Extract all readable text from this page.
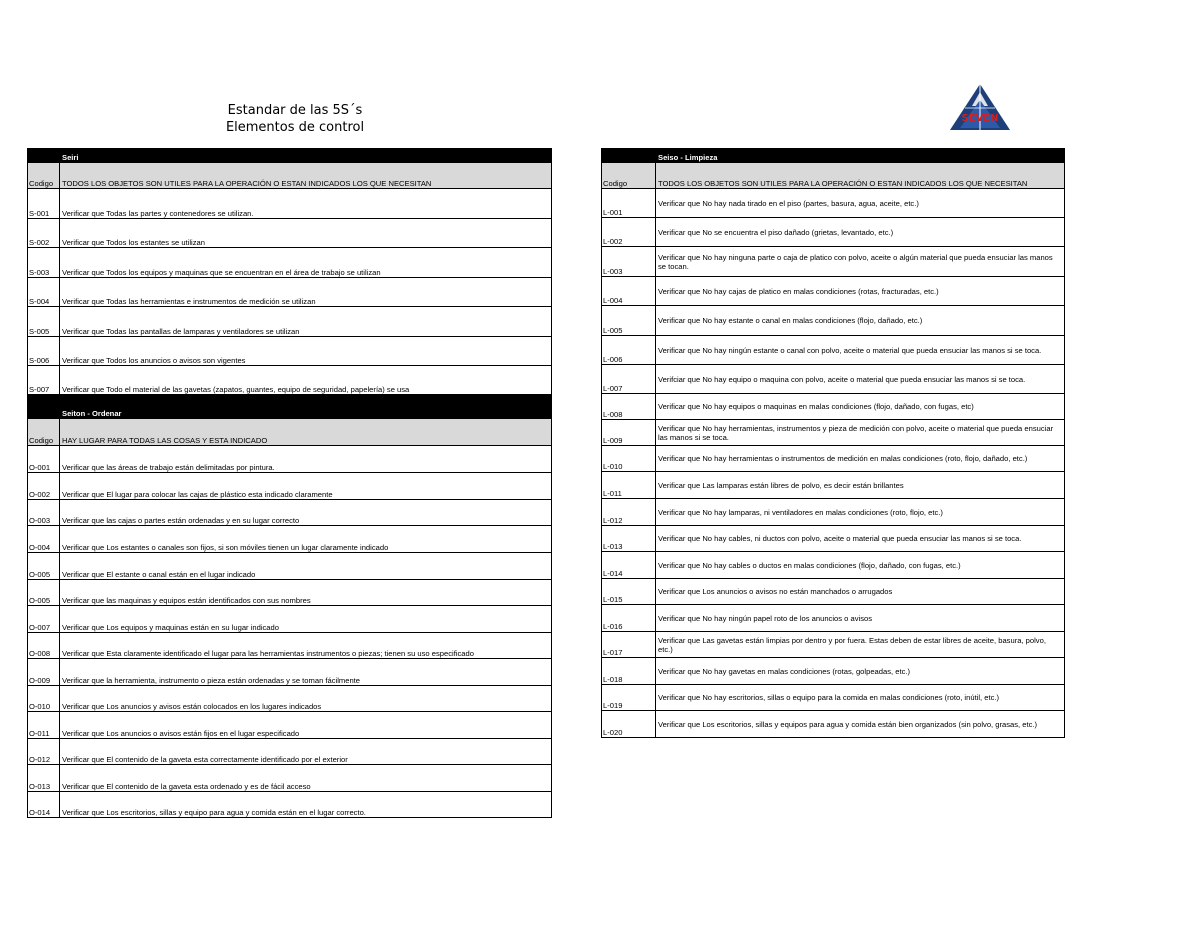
Estandar de las 5S´s
Elementos de control
SEVEN
	Seiri
Codigo	TODOS LOS OBJETOS SON UTILES PARA LA OPERACIÓN O ESTAN INDICADOS LOS QUE NECESITAN
S-001	Verificar que Todas las partes y contenedores se utilizan.
S-002	Verificar que Todos los estantes se utilizan
S-003	Verificar que Todos los equipos y maquinas que se encuentran en el área de trabajo se utilizan
S-004	Verificar que Todas las herramientas e instrumentos de medición se utilizan
S-005	Verificar que Todas las pantallas de lamparas y ventiladores se utilizan
S-006	Verificar que Todos los anuncios o avisos son vigentes
S-007	Verificar que Todo el material de las gavetas (zapatos, guantes, equipo de seguridad, papelería) se usa
	Seiton - Ordenar
Codigo	HAY LUGAR PARA TODAS LAS COSAS Y ESTA INDICADO
O-001	Verificar que las áreas de trabajo están delimitadas por pintura.
O-002	Verificar que El lugar para colocar las cajas de plástico esta indicado claramente
O-003	Verificar que las cajas o partes están ordenadas y en su lugar correcto
O-004	Verificar que Los estantes o canales son fijos, si son móviles tienen un lugar claramente indicado
O-005	Verificar que El estante o canal están en el lugar indicado
O-005	Verificar que las maquinas y equipos están identificados con sus nombres
O-007	Verificar que Los equipos y maquinas están en su lugar indicado
O-008	Verificar que Esta claramente identificado el lugar para las herramientas instrumentos o piezas; tienen su uso especificado
O-009	Verificar que la herramienta, instrumento o pieza están ordenadas y se toman fácilmente
O-010	Verificar que Los anuncios y avisos están colocados en los lugares indicados
O-011	Verificar que Los anuncios o avisos están fijos en el lugar especificado
O-012	Verificar que El contenido de la gaveta esta correctamente identificado por el exterior
O-013	Verificar que El contenido de la gaveta esta ordenado y es de fácil acceso
O-014	Verificar que Los escritorios, sillas y equipo para agua y comida están en el lugar correcto.
	Seiso - Limpieza
Codigo	TODOS LOS OBJETOS SON UTILES PARA LA OPERACIÓN O ESTAN INDICADOS LOS QUE NECESITAN
L-001	Verificar que No hay nada tirado en el piso (partes, basura, agua, aceite, etc.)
L-002	Verificar que No se encuentra el piso dañado (grietas, levantado, etc.)
L-003	Verificar que No hay ninguna parte o caja de platico con polvo, aceite o algún material que pueda ensuciar las manos se tocan.
L-004	Verificar que No hay cajas de platico en malas condiciones (rotas, fracturadas, etc.)
L-005	Verificar que No hay estante o canal en malas condiciones (flojo, dañado, etc.)
L-006	Verificar que No hay ningún estante o canal con polvo, aceite o material que pueda ensuciar las manos si se toca.
L-007	Verifciar que No hay equipo o maquina con polvo, aceite o material que pueda ensuciar las manos si se toca.
L-008	Verificar que No hay equipos o maquinas en malas condiciones (flojo, dañado, con fugas, etc)
L-009	Verificar que No hay herramientas, instrumentos y pieza de medición con polvo, aceite o material que pueda ensuciar las manos si se toca.
L-010	Verificar que No hay herramientas o instrumentos de medición en malas condiciones (roto, flojo, dañado, etc.)
L-011	Verificar que Las lamparas están libres de polvo, es decir están brillantes
L-012	Verificar que No hay lamparas, ni ventiladores en malas condiciones (roto, flojo, etc.)
L-013	Verificar que No hay cables, ni ductos con polvo, aceite o material que pueda ensuciar las manos si se toca.
L-014	Verificar que No hay cables o ductos en malas condiciones (flojo, dañado, con fugas, etc.)
L-015	Verificar que Los anuncios o avisos no están manchados o arrugados
L-016	Verificar que No hay ningún papel roto de los anuncios o avisos
L-017	Verificar que Las gavetas están limpias por dentro y por fuera. Estas deben de estar libres de aceite, basura, polvo, etc.)
L-018	Verificar que No hay gavetas en malas condiciones (rotas, golpeadas, etc.)
L-019	Verificar que No hay escritorios, sillas o equipo para la comida en malas condiciones (roto, inútil, etc.)
L-020	Verificar que Los escritorios, sillas y equipos para agua y comida están bien organizados (sin polvo, grasas, etc.)
